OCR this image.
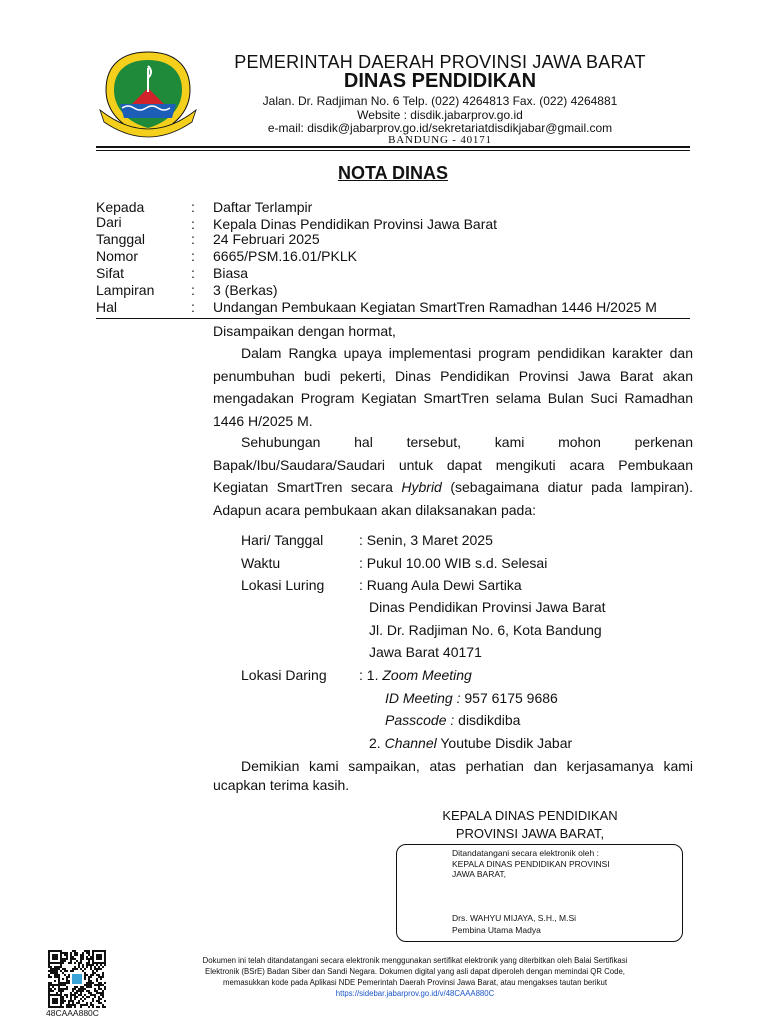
PEMERINTAH DAERAH PROVINSI JAWA BARAT
DINAS PENDIDIKAN
Jalan. Dr. Radjiman No. 6 Telp. (022) 4264813 Fax. (022) 4264881
Website : disdik.jabarprov.go.id
e-mail: disdik@jabarprov.go.id/sekretariatdisdikjabar@gmail.com
BANDUNG - 40171
NOTA DINAS
Kepada	: Daftar Terlampir
Dari	: Kepala Dinas Pendidikan Provinsi Jawa Barat
Tanggal	: 24 Februari 2025
Nomor	: 6665/PSM.16.01/PKLK
Sifat	: Biasa
Lampiran	: 3 (Berkas)
Hal	: Undangan Pembukaan Kegiatan SmartTren Ramadhan 1446 H/2025 M
Disampaikan dengan hormat,
Dalam Rangka upaya implementasi program pendidikan karakter dan penumbuhan budi pekerti, Dinas Pendidikan Provinsi Jawa Barat akan mengadakan Program Kegiatan SmartTren selama Bulan Suci Ramadhan 1446 H/2025 M.
Sehubungan hal tersebut, kami mohon perkenan Bapak/Ibu/Saudara/Saudari untuk dapat mengikuti acara Pembukaan Kegiatan SmartTren secara Hybrid (sebagaimana diatur pada lampiran). Adapun acara pembukaan akan dilaksanakan pada:
Hari/ Tanggal	: Senin, 3 Maret 2025
Waktu	: Pukul 10.00 WIB s.d. Selesai
Lokasi Luring : Ruang Aula Dewi Sartika
Dinas Pendidikan Provinsi Jawa Barat
Jl. Dr. Radjiman No. 6, Kota Bandung
Jawa Barat 40171
Lokasi Daring : 1. Zoom Meeting
ID Meeting : 957 6175 9686
Passcode : disdikdiba
2. Channel Youtube Disdik Jabar
Demikian kami sampaikan, atas perhatian dan kerjasamanya kami ucapkan terima kasih.
KEPALA DINAS PENDIDIKAN
PROVINSI JAWA BARAT,
Ditandatangani secara elektronik oleh :
KEPALA DINAS PENDIDIKAN PROVINSI
JAWA BARAT,
Drs. WAHYU MIJAYA, S.H., M.Si
Pembina Utama Madya
48CAAA880C
Dokumen ini telah ditandatangani secara elektronik menggunakan sertifikat elektronik yang diterbitkan oleh Balai Sertifikasi
Elektronik (BSrE) Badan Siber dan Sandi Negara. Dokumen digital yang asli dapat diperoleh dengan memindai QR Code,
memasukkan kode pada Aplikasi NDE Pemerintah Daerah Provinsi Jawa Barat, atau mengakses tautan berikut
https://sidebar.jabarprov.go.id/v/48CAAA880C
